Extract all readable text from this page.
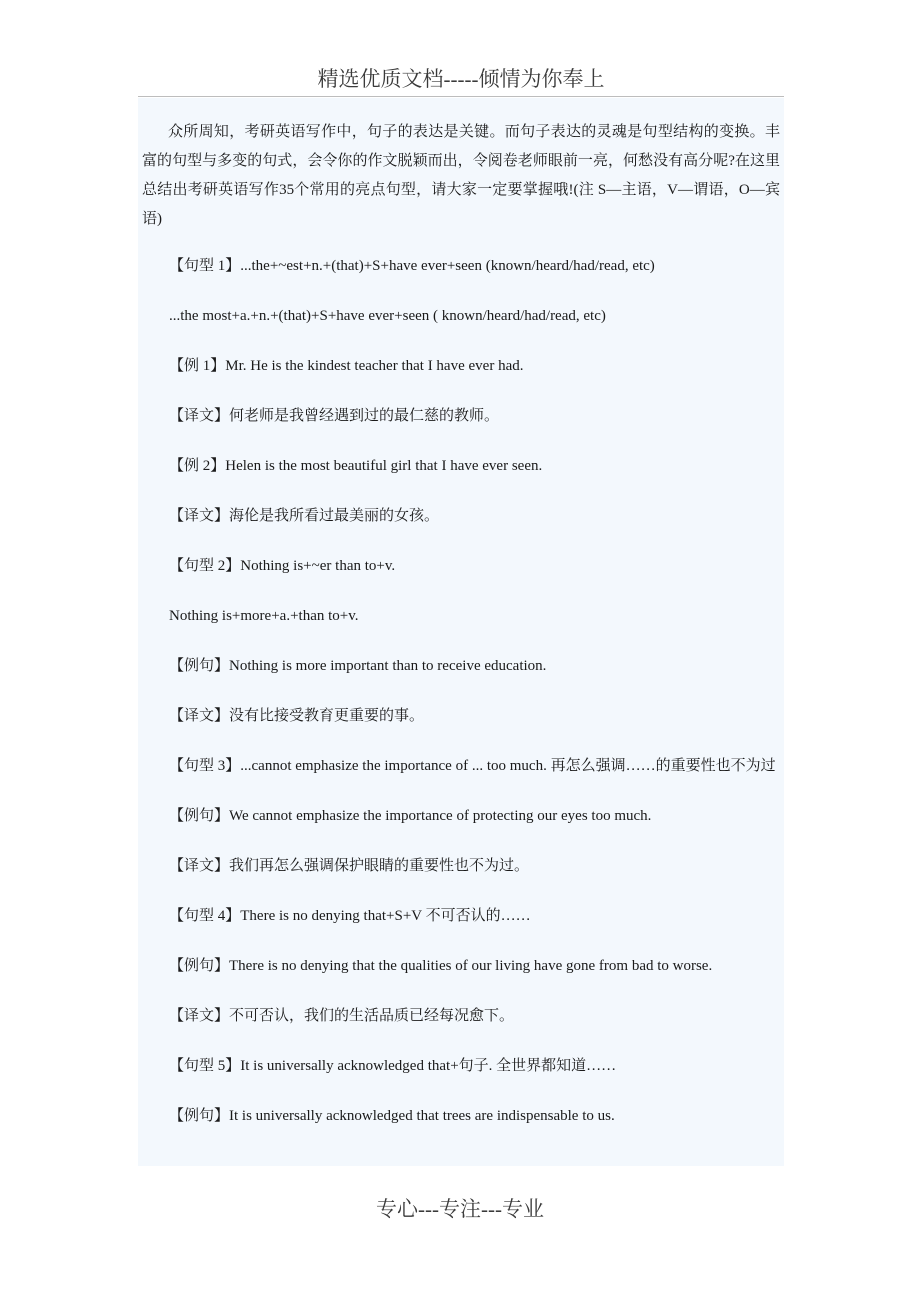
精选优质文档-----倾情为你奉上

众所周知，考研英语写作中，句子的表达是关键。而句子表达的灵魂是句型结构的变换。丰富的句型与多变的句式，会令你的作文脱颖而出，令阅卷老师眼前一亮，何愁没有高分呢?在这里总结出考研英语写作35个常用的亮点句型，请大家一定要掌握哦!(注 S—主语，V—谓语，O—宾语)

【句型 1】...the+~est+n.+(that)+S+have ever+seen (known/heard/had/read, etc)

...the most+a.+n.+(that)+S+have ever+seen ( known/heard/had/read, etc)

【例 1】Mr. He is the kindest teacher that I have ever had.

【译文】何老师是我曾经遇到过的最仁慈的教师。

【例 2】Helen is the most beautiful girl that I have ever seen.

【译文】海伦是我所看过最美丽的女孩。

【句型 2】Nothing is+~er than to+v.

Nothing is+more+a.+than to+v.

【例句】Nothing is more important than to receive education.

【译文】没有比接受教育更重要的事。

【句型 3】...cannot emphasize the importance of ... too much. 再怎么强调……的重要性也不为过

【例句】We cannot emphasize the importance of protecting our eyes too much.

【译文】我们再怎么强调保护眼睛的重要性也不为过。

【句型 4】There is no denying that+S+V 不可否认的……

【例句】There is no denying that the qualities of our living have gone from bad to worse.

【译文】不可否认，我们的生活品质已经每况愈下。

【句型 5】It is universally acknowledged that+句子. 全世界都知道……

【例句】It is universally acknowledged that trees are indispensable to us.

专心---专注---专业
